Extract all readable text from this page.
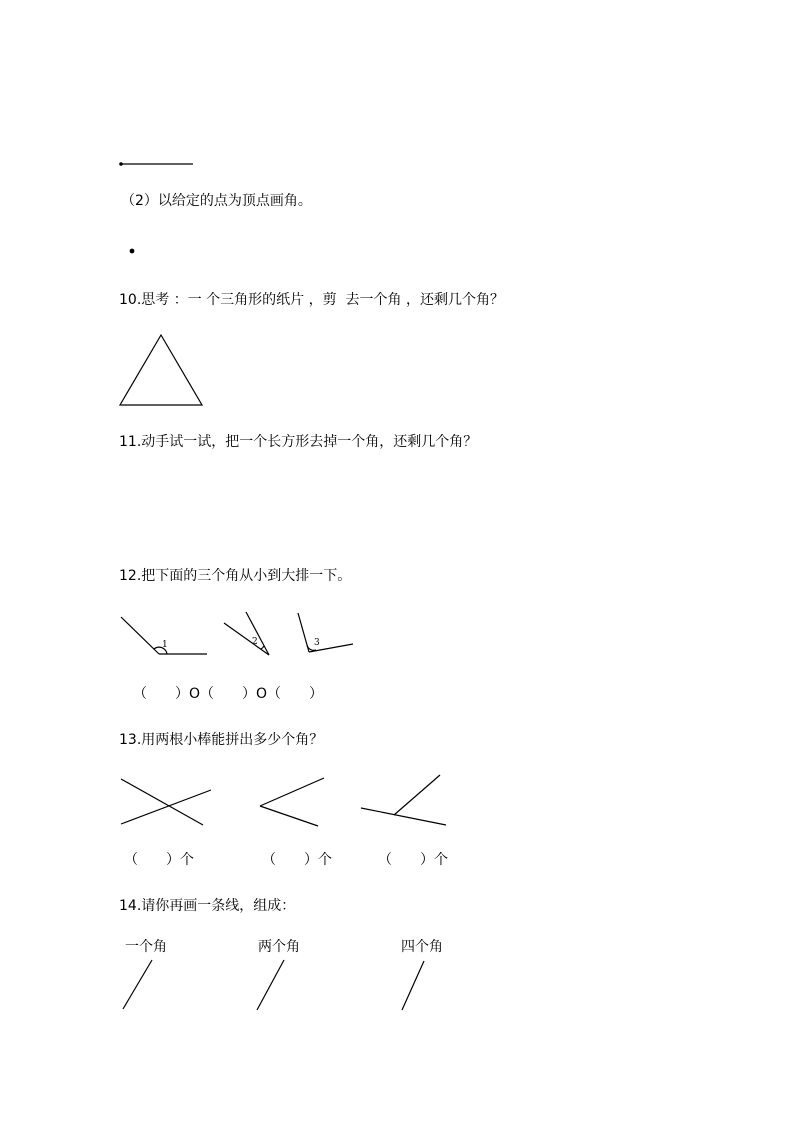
1	2	3
（2）以给定的点为顶点画角。
10.思考 ：一 个三角形的纸片 ，剪  去一个角 ，还剩几个角？
11.动手试一试，把一个长方形去掉一个角，还剩几个角？
12.把下面的三个角从小到大排一下。
（　　）O（　　）O（　　）
13.用两根小棒能拼出多少个角？
（　　）个	（　　）个	（　　）个
14.请你再画一条线，组成：
一个角	两个角	四个角
